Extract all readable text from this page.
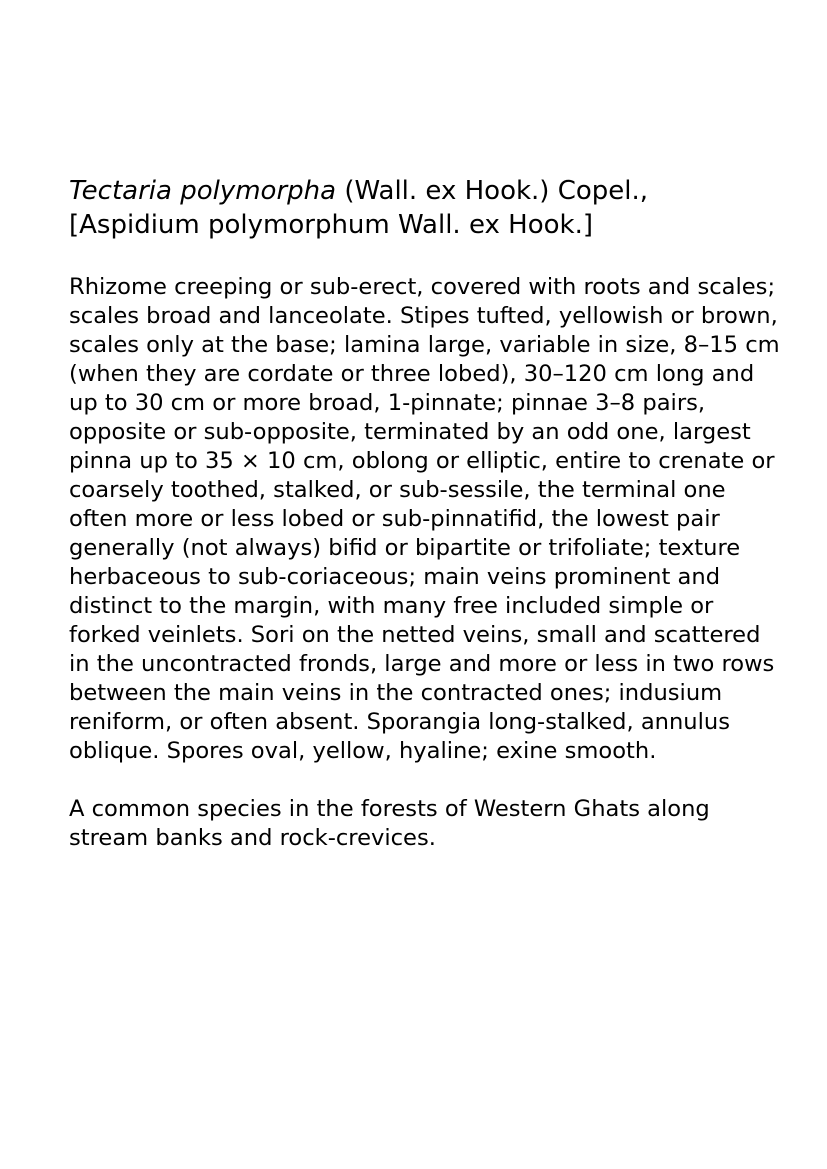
Tectaria polymorpha (Wall. ex Hook.) Copel.,
[Aspidium polymorphum Wall. ex Hook.]

Rhizome creeping or sub-erect, covered with roots and scales; scales broad and lanceolate. Stipes tufted, yellowish or brown, scales only at the base; lamina large, variable in size, 8–15 cm (when they are cordate or three lobed), 30–120 cm long and up to 30 cm or more broad, 1-pinnate; pinnae 3–8 pairs, opposite or sub-opposite, terminated by an odd one, largest pinna up to 35 × 10 cm, oblong or elliptic, entire to crenate or coarsely toothed, stalked, or sub-sessile, the terminal one often more or less lobed or sub-pinnatifid, the lowest pair generally (not always) bifid or bipartite or trifoliate; texture herbaceous to sub-coriaceous; main veins prominent and distinct to the margin, with many free included simple or forked veinlets. Sori on the netted veins, small and scattered in the uncontracted fronds, large and more or less in two rows between the main veins in the contracted ones; indusium reniform, or often absent. Sporangia long-stalked, annulus oblique. Spores oval, yellow, hyaline; exine smooth.

A common species in the forests of Western Ghats along stream banks and rock-crevices.
